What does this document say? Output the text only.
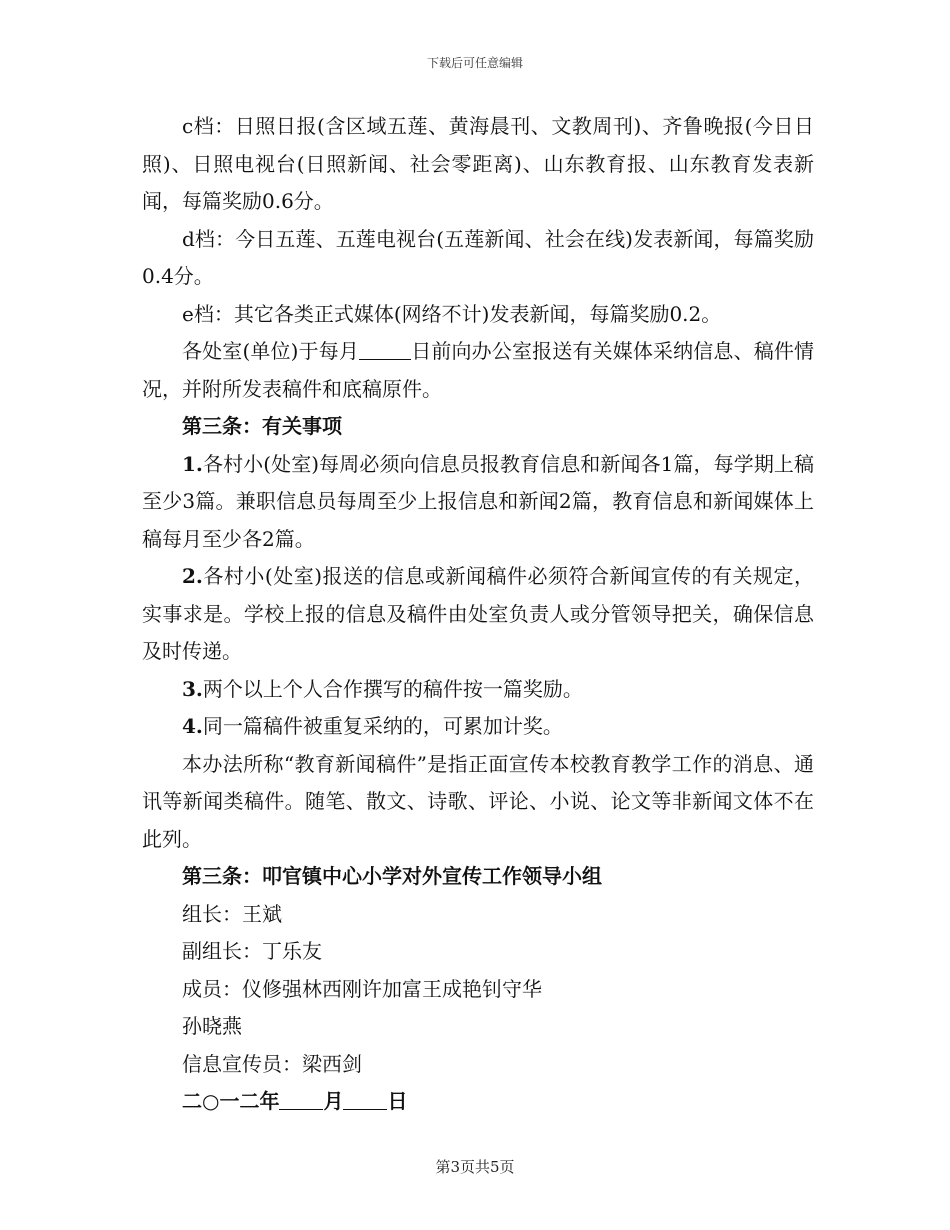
下载后可任意编辑

c档：日照日报(含区域五莲、黄海晨刊、文教周刊)、齐鲁晚报(今日日照)、日照电视台(日照新闻、社会零距离)、山东教育报、山东教育发表新闻，每篇奖励0.6分。

d档：今日五莲、五莲电视台(五莲新闻、社会在线)发表新闻，每篇奖励0.4分。

e档：其它各类正式媒体(网络不计)发表新闻，每篇奖励0.2。

各处室(单位)于每月	日前向办公室报送有关媒体采纳信息、稿件情况，并附所发表稿件和底稿原件。

第三条：有关事项

1.各村小(处室)每周必须向信息员报教育信息和新闻各1篇，每学期上稿至少3篇。兼职信息员每周至少上报信息和新闻2篇，教育信息和新闻媒体上稿每月至少各2篇。

2.各村小(处室)报送的信息或新闻稿件必须符合新闻宣传的有关规定，实事求是。学校上报的信息及稿件由处室负责人或分管领导把关，确保信息及时传递。

3.两个以上个人合作撰写的稿件按一篇奖励。

4.同一篇稿件被重复采纳的，可累加计奖。

本办法所称“教育新闻稿件”是指正面宣传本校教育教学工作的消息、通讯等新闻类稿件。随笔、散文、诗歌、评论、小说、论文等非新闻文体不在此列。

第三条：叩官镇中心小学对外宣传工作领导小组

组长：王斌

副组长：丁乐友

成员：仪修强林西刚许加富王成艳钊守华

孙晓燕

信息宣传员：梁西剑

二○一二年 月 日

第3页共5页
